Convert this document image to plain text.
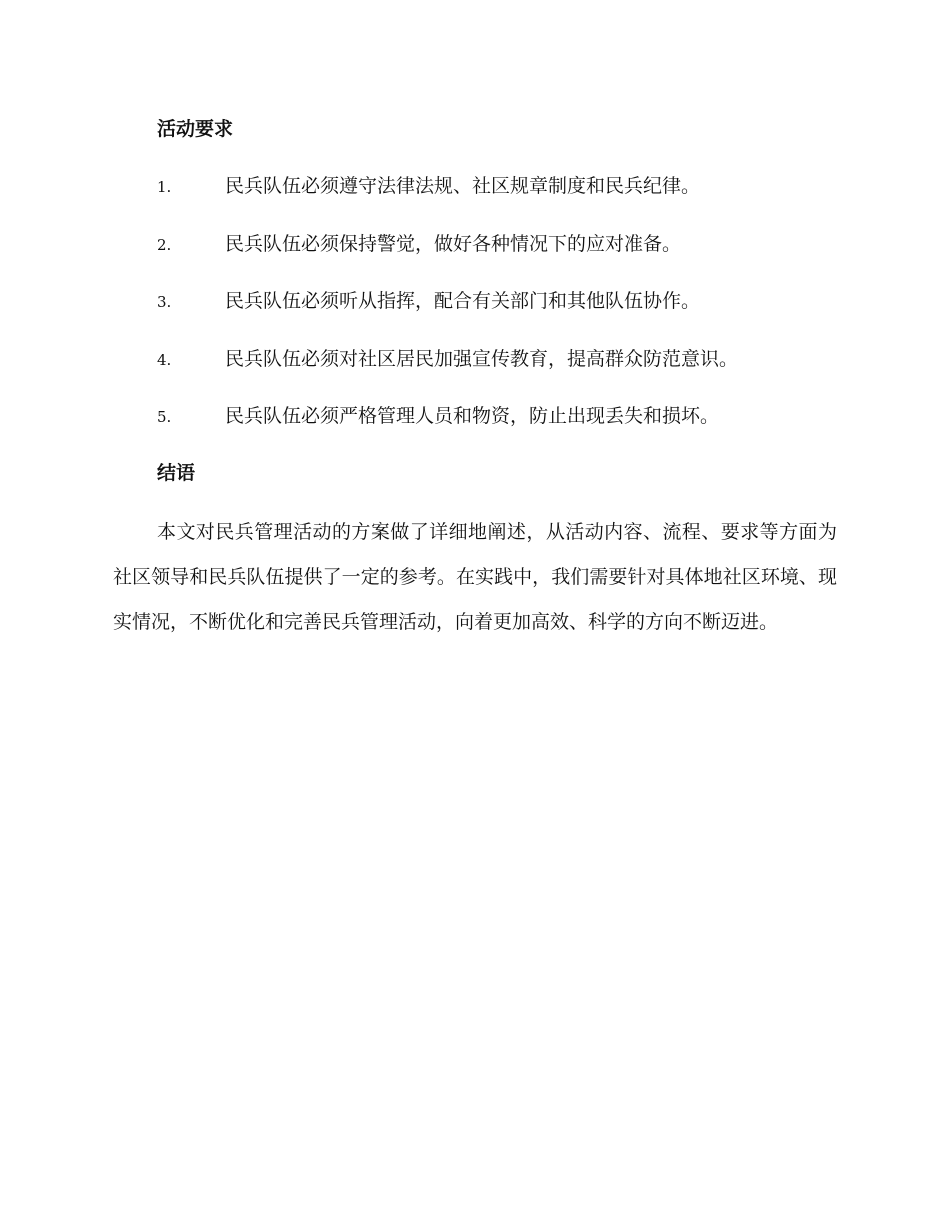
活动要求
1.	民兵队伍必须遵守法律法规、社区规章制度和民兵纪律。
2.	民兵队伍必须保持警觉，做好各种情况下的应对准备。
3.	民兵队伍必须听从指挥，配合有关部门和其他队伍协作。
4.	民兵队伍必须对社区居民加强宣传教育，提高群众防范意识。
5.	民兵队伍必须严格管理人员和物资，防止出现丢失和损坏。
结语

本文对民兵管理活动的方案做了详细地阐述，从活动内容、流程、要求等方面为社区领导和民兵队伍提供了一定的参考。在实践中，我们需要针对具体地社区环境、现实情况，不断优化和完善民兵管理活动，向着更加高效、科学的方向不断迈进。
